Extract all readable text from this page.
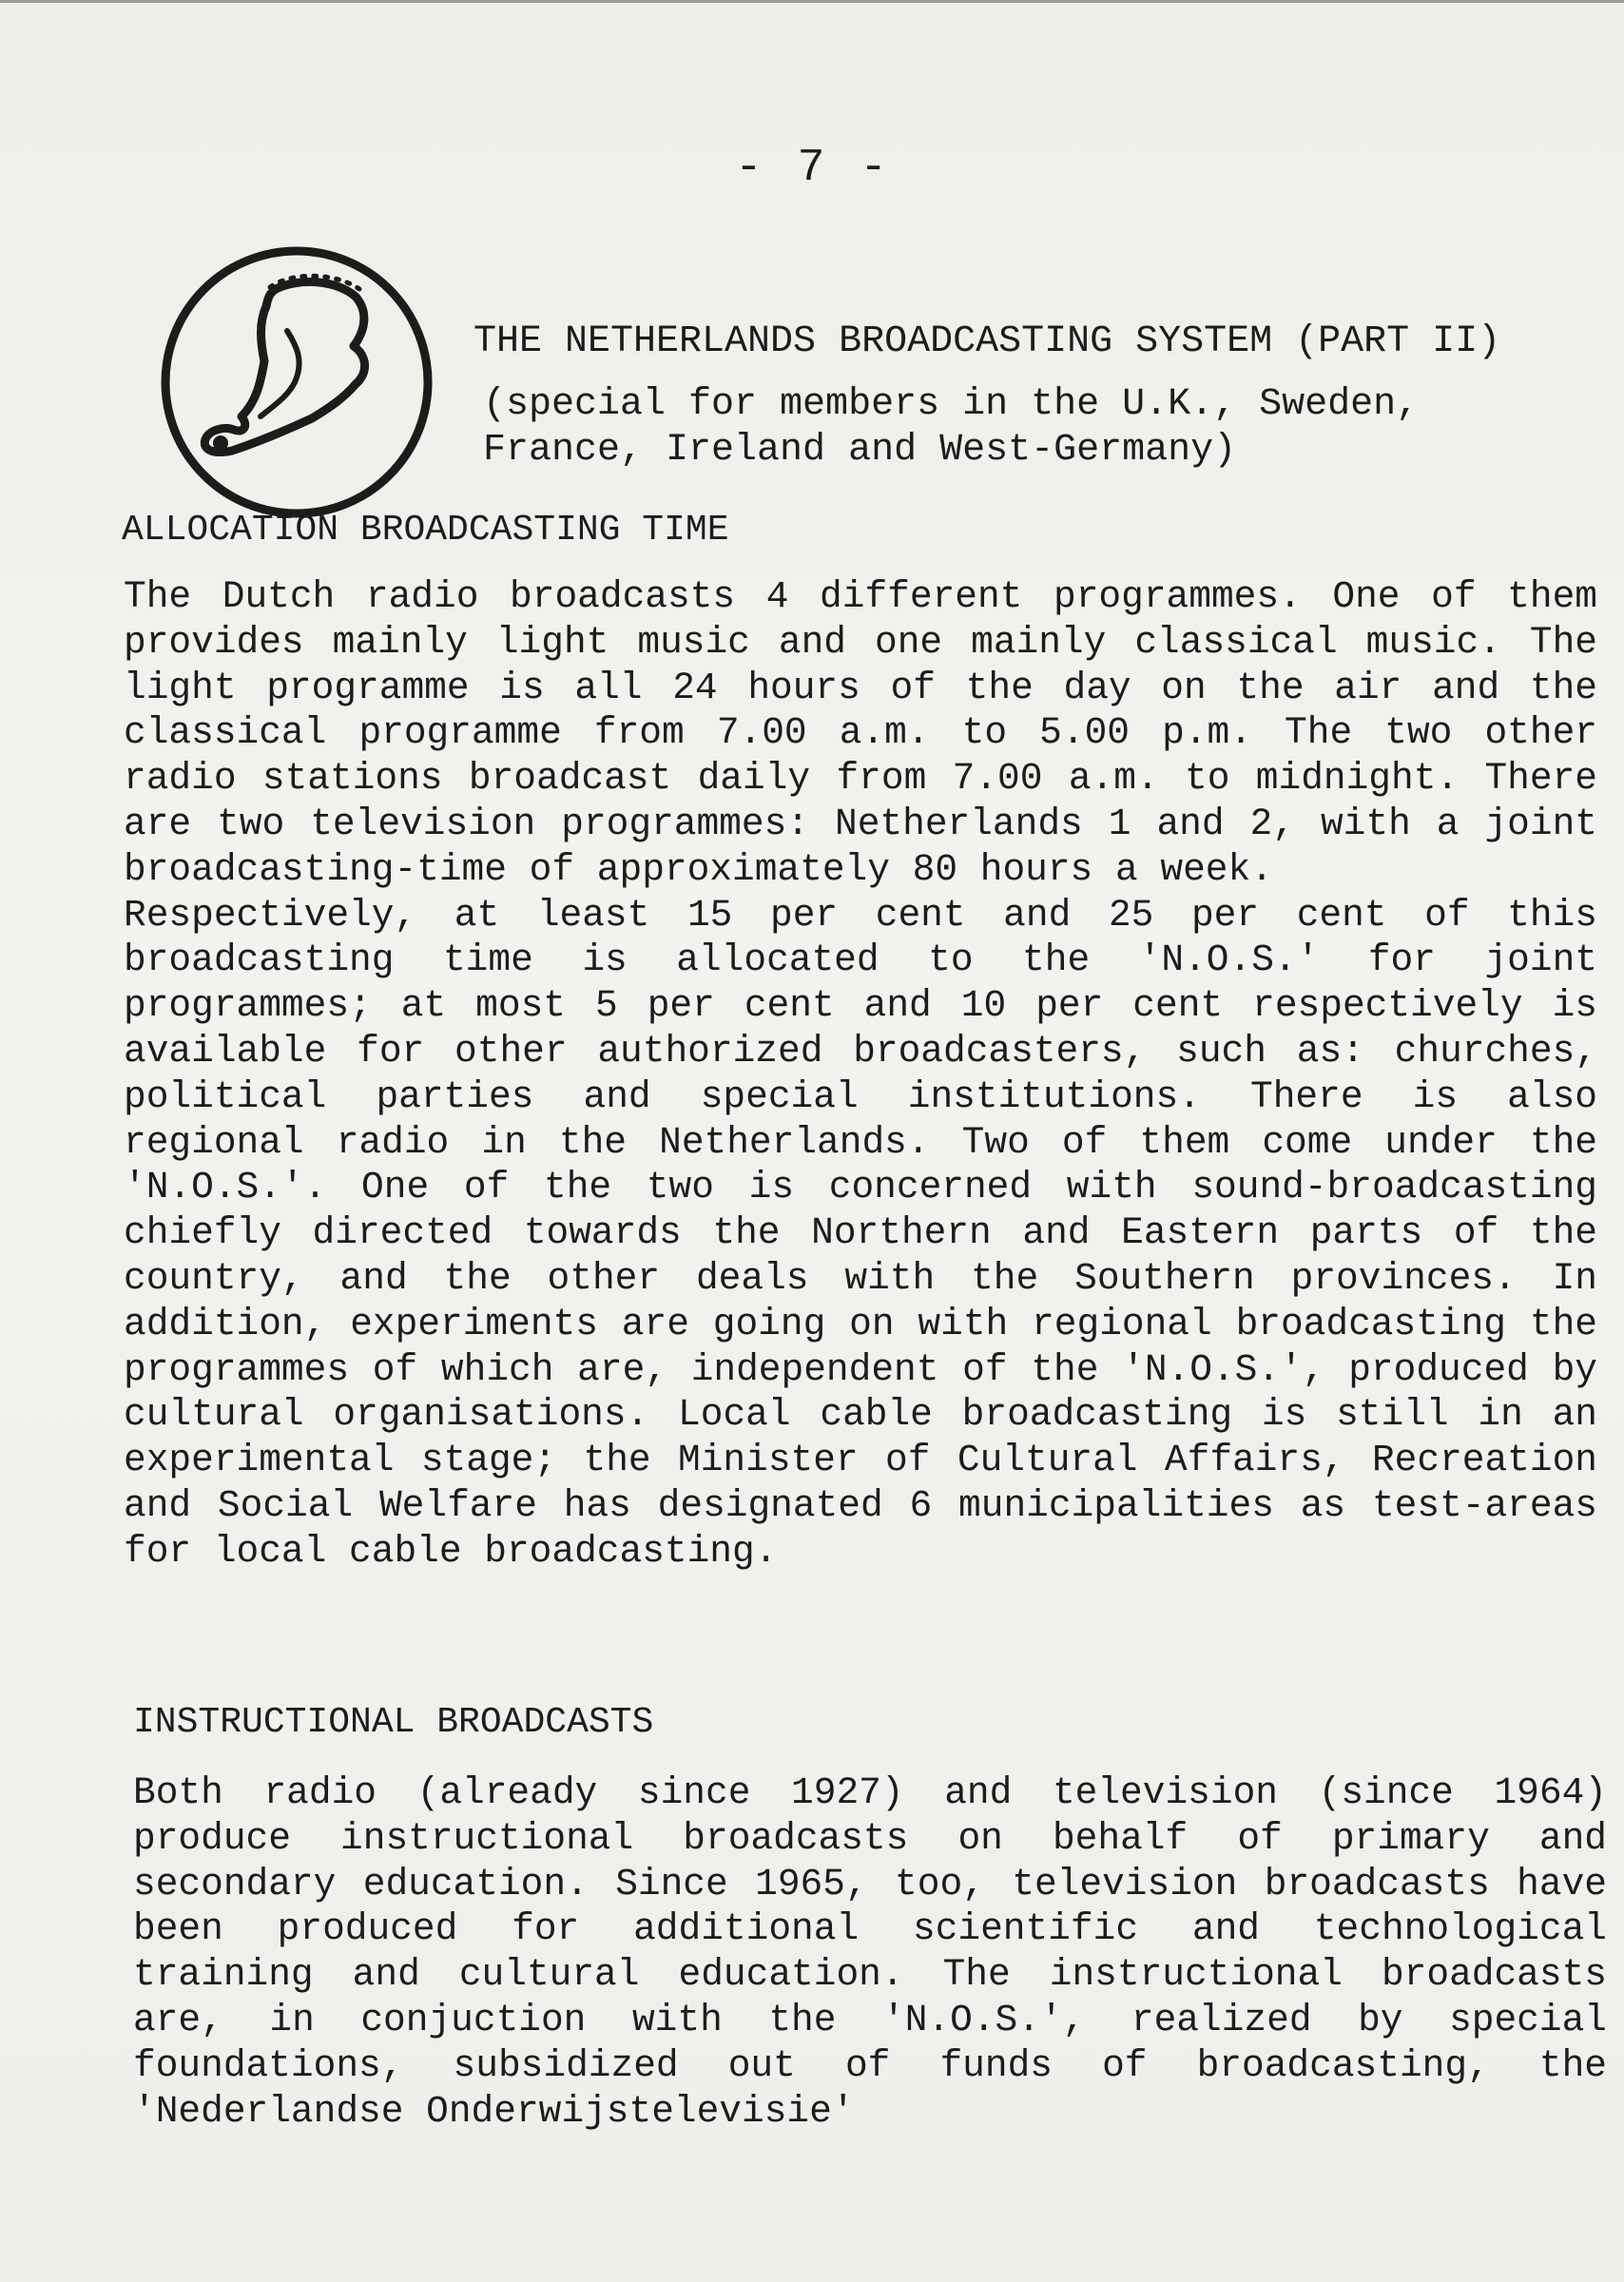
- 7 -
THE NETHERLANDS BROADCASTING SYSTEM (PART II)
(special for members in the U.K., Sweden, France, Ireland and West-Germany)
ALLOCATION BROADCASTING TIME

The Dutch radio broadcasts 4 different programmes. One of them provides mainly light music and one mainly classical music. The light programme is all 24 hours of the day on the air and the classical programme from 7.00 a.m. to 5.00 p.m. The two other radio stations broadcast daily from 7.00 a.m. to midnight. There are two television programmes: Netherlands 1 and 2, with a joint broadcasting-time of approximately 80 hours a week.

Respectively, at least 15 per cent and 25 per cent of this broadcasting time is allocated to the 'N.O.S.' for joint programmes; at most 5 per cent and 10 per cent respectively is available for other authorized broadcasters, such as: churches, political parties and special institutions. There is also regional radio in the Netherlands. Two of them come under the 'N.O.S.'. One of the two is concerned with sound-broadcasting chiefly directed towards the Northern and Eastern parts of the country, and the other deals with the Southern provinces. In addition, experiments are going on with regional broadcasting the programmes of which are, independent of the 'N.O.S.', produced by cultural organisations. Local cable broadcasting is still in an experimental stage; the Minister of Cultural Affairs, Recreation and Social Welfare has designated 6 municipalities as test-areas for local cable broadcasting.

INSTRUCTIONAL BROADCASTS

Both radio (already since 1927) and television (since 1964) produce instructional broadcasts on behalf of primary and secondary education. Since 1965, too, television broadcasts have been produced for additional scientific and technological training and cultural education. The instructional broadcasts are, in conjuction with the 'N.O.S.', realized by special foundations, subsidized out of funds of broadcasting, the 'Nederlandse Onderwijstelevisie'
